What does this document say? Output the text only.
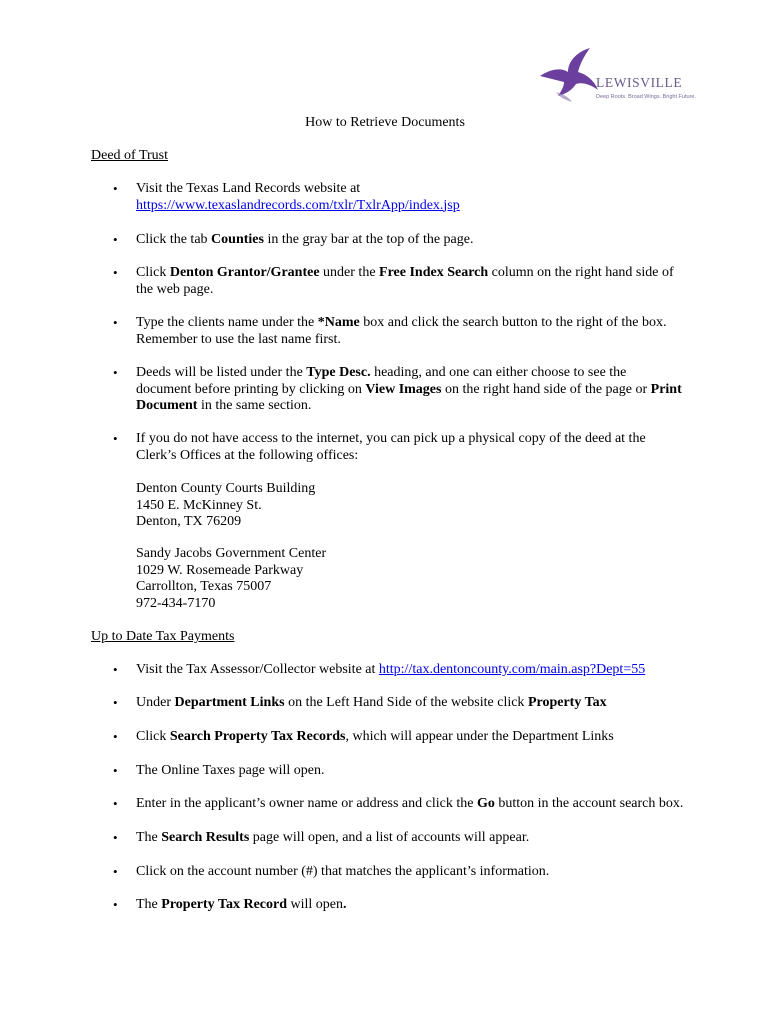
LEWISVILLE
Deep Roots. Broad Wings. Bright Future.
How to Retrieve Documents
Deed of Trust
• Visit the Texas Land Records website at
https://www.texaslandrecords.com/txlr/TxlrApp/index.jsp
• Click the tab Counties in the gray bar at the top of the page.
• Click Denton Grantor/Grantee under the Free Index Search column on the right hand side of
the web page.
• Type the clients name under the *Name box and click the search button to the right of the box.
Remember to use the last name first.
• Deeds will be listed under the Type Desc. heading, and one can either choose to see the
document before printing by clicking on View Images on the right hand side of the page or Print
Document in the same section.
• If you do not have access to the internet, you can pick up a physical copy of the deed at the
Clerk’s Offices at the following offices:
Denton County Courts Building
1450 E. McKinney St.
Denton, TX 76209
Sandy Jacobs Government Center
1029 W. Rosemeade Parkway
Carrollton, Texas 75007
972-434-7170
Up to Date Tax Payments
• Visit the Tax Assessor/Collector website at http://tax.dentoncounty.com/main.asp?Dept=55
• Under Department Links on the Left Hand Side of the website click Property Tax
• Click Search Property Tax Records, which will appear under the Department Links
• The Online Taxes page will open.
• Enter in the applicant’s owner name or address and click the Go button in the account search box.
• The Search Results page will open, and a list of accounts will appear.
• Click on the account number (#) that matches the applicant’s information.
• The Property Tax Record will open.
